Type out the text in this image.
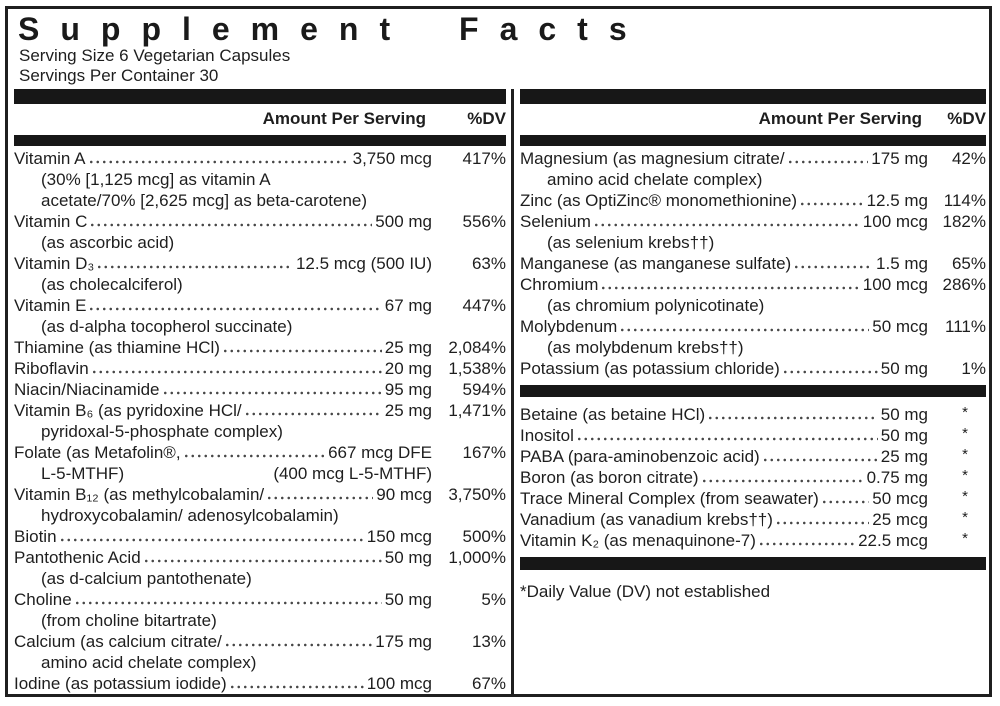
Supplement Facts
Serving Size 6 Vegetarian Capsules
Servings Per Container 30
Amount Per Serving	%DV
Vitamin A	3,750 mcg	417%
(30% [1,125 mcg] as vitamin A
acetate/70% [2,625 mcg] as beta-carotene)
Vitamin C	500 mg	556%
(as ascorbic acid)
Vitamin D₃	12.5 mcg (500 IU)	63%
(as cholecalciferol)
Vitamin E	67 mg	447%
(as d-alpha tocopherol succinate)
Thiamine (as thiamine HCl)	25 mg 2,084%
Riboflavin	20 mg 1,538%
Niacin/Niacinamide	95 mg	594%
Vitamin B₆ (as pyridoxine HCl/	25 mg 1,471%
pyridoxal-5-phosphate complex)
Folate (as Metafolin®,	667 mcg DFE	167%
L-5-MTHF)	(400 mcg L-5-MTHF)
Vitamin B₁₂ (as methylcobalamin/	90 mcg 3,750%
hydroxycobalamin/ adenosylcobalamin)
Biotin	150 mcg	500%
Pantothenic Acid	50 mg 1,000%
(as d-calcium pantothenate)
Choline	50 mg	5%
(from choline bitartrate)
Calcium (as calcium citrate/	175 mg	13%
amino acid chelate complex)
Iodine (as potassium iodide)	100 mcg	67%
Amount Per Serving	%DV
Magnesium (as magnesium citrate/	175 mg	42%
amino acid chelate complex)
Zinc (as OptiZinc® monomethionine)	12.5 mg 114%
Selenium	100 mcg 182%
(as selenium krebs††)
Manganese (as manganese sulfate)	1.5 mg	65%
Chromium	100 mcg 286%
(as chromium polynicotinate)
Molybdenum	50 mcg	111%
(as molybdenum krebs††)
Potassium (as potassium chloride)	50 mg	1%
Betaine (as betaine HCl)	50 mg	*
Inositol	50 mg	*
PABA (para-aminobenzoic acid)	25 mg	*
Boron (as boron citrate)	0.75 mg	*
Trace Mineral Complex (from seawater)	50 mcg	*
Vanadium (as vanadium krebs††)	25 mcg	*
Vitamin K₂ (as menaquinone-7)	22.5 mcg	*
*Daily Value (DV) not established
